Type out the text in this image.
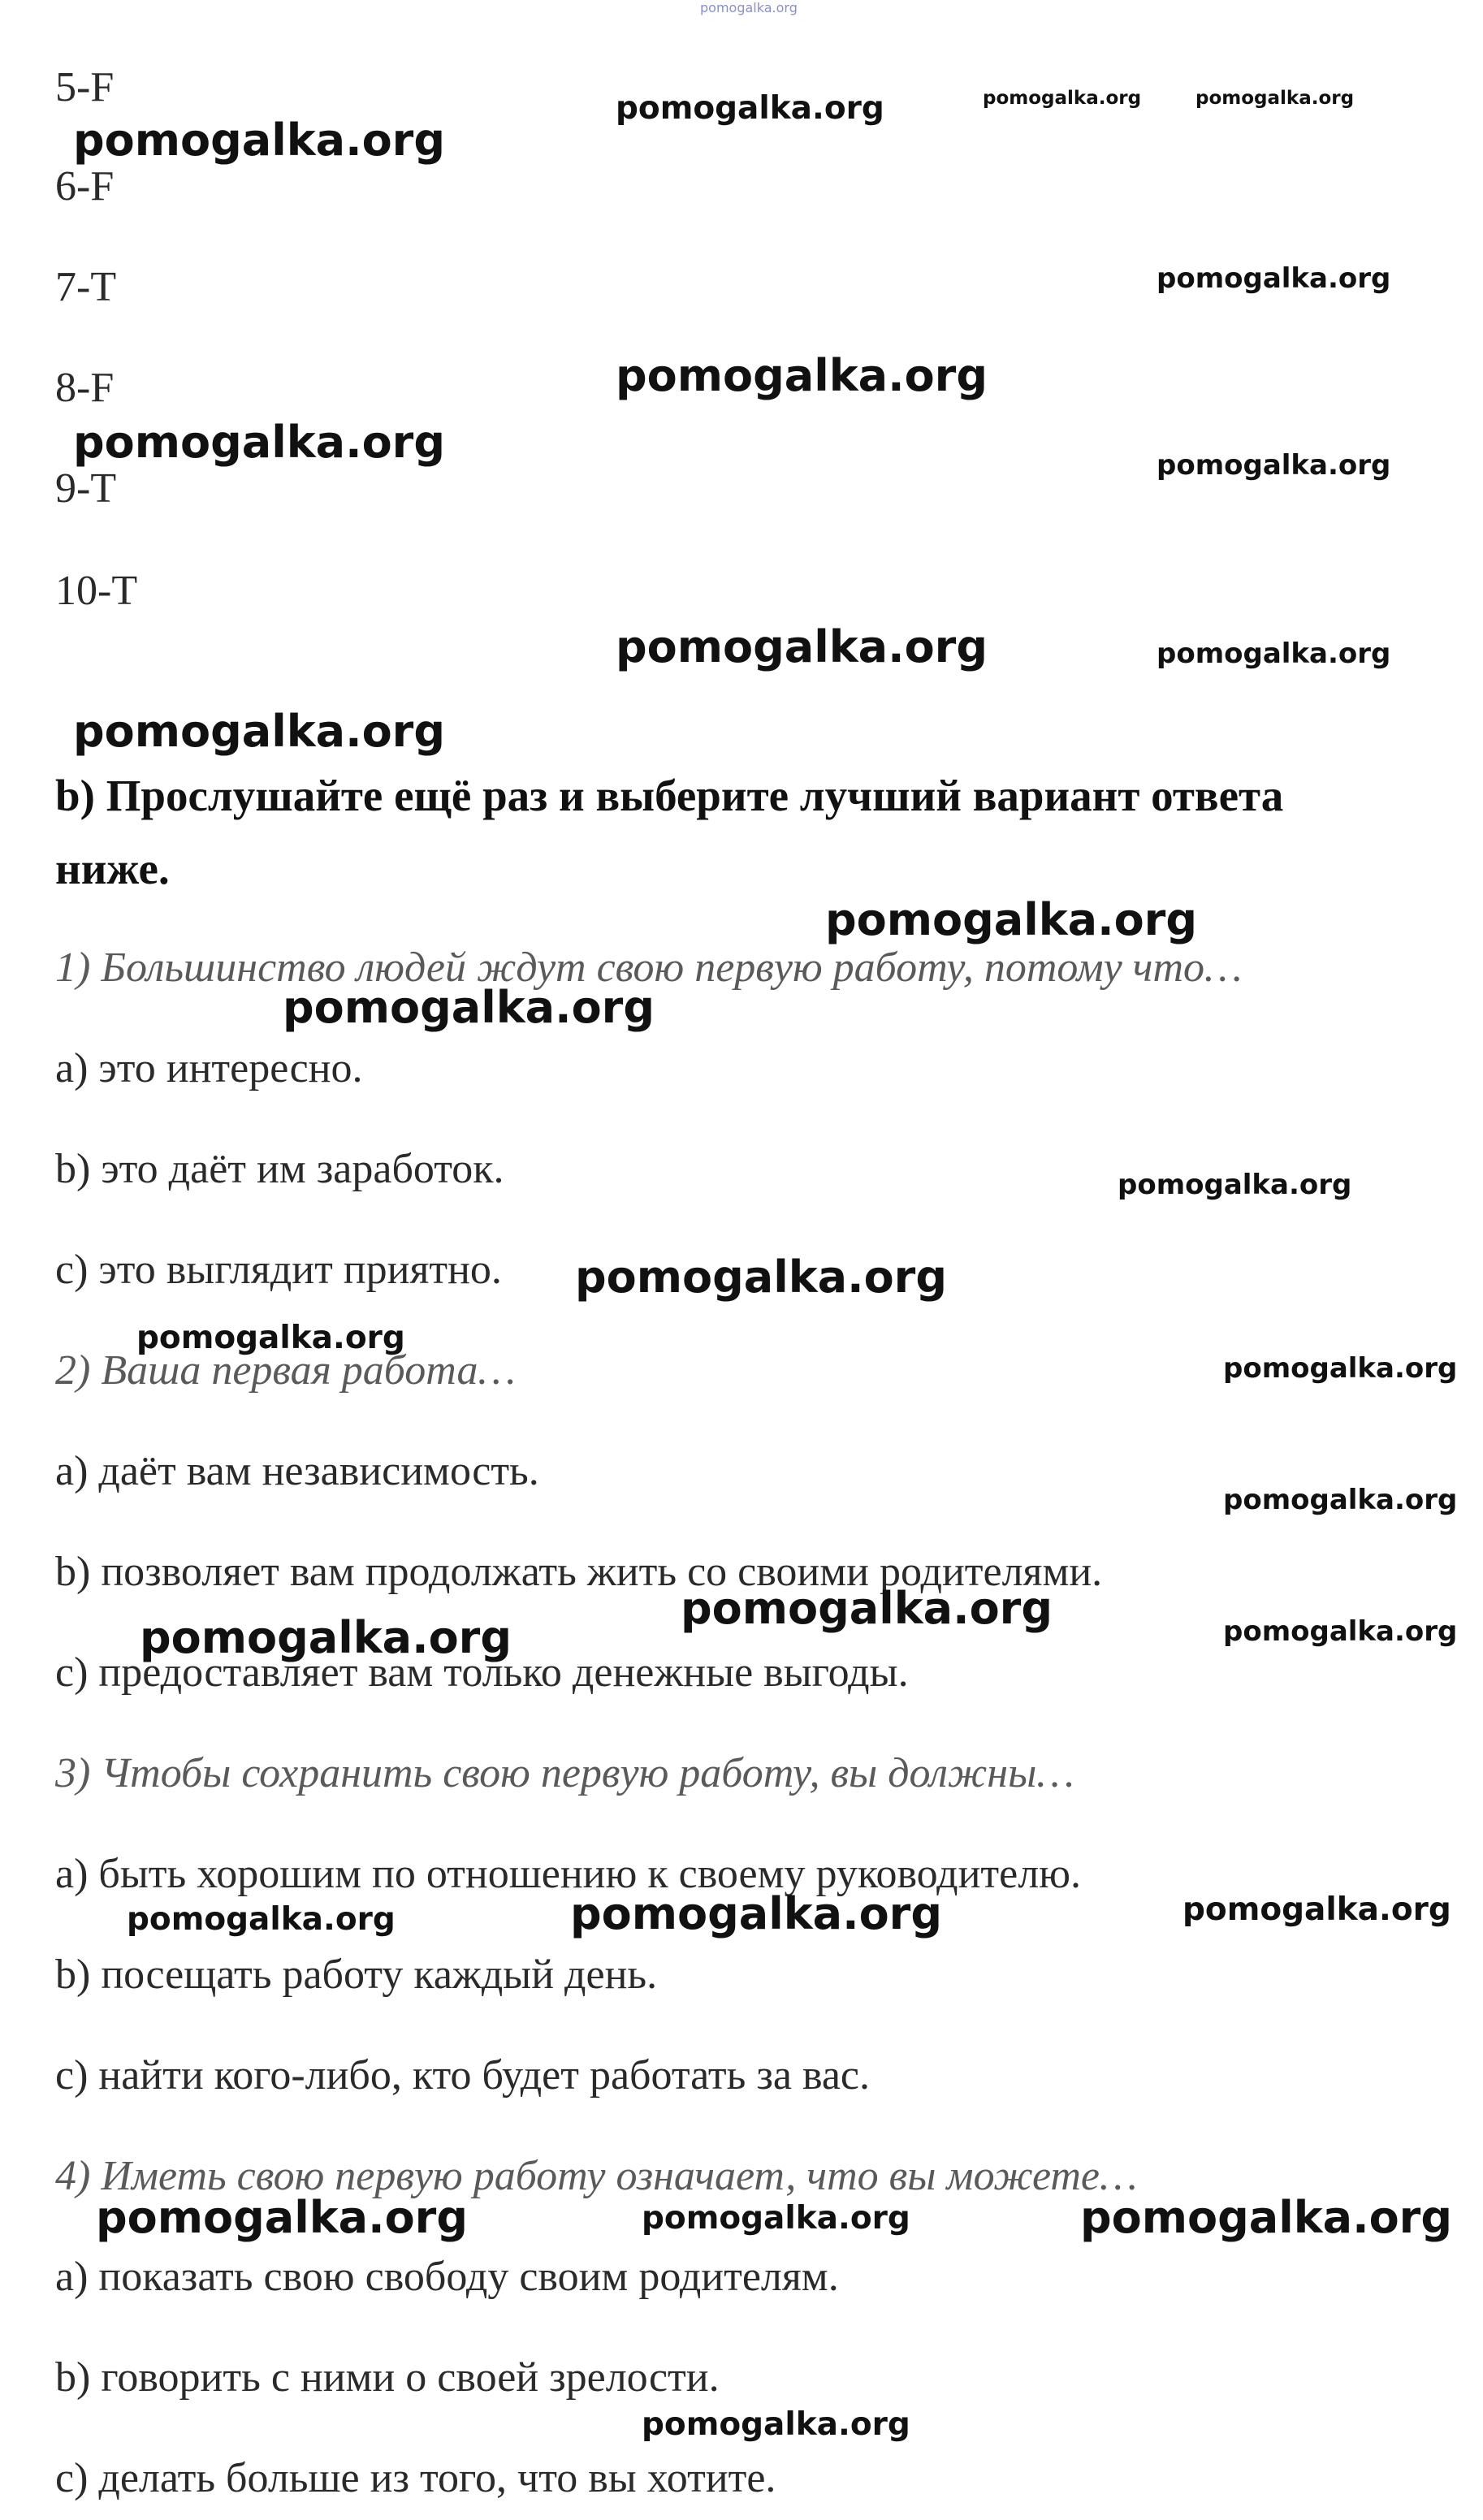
5-F
6-F
7-T
8-F
9-T
10-T
b) Прослушайте ещё раз и выберите лучший вариант ответа
ниже.
1) Большинство людей ждут свою первую работу, потому что…
a) это интересно.
b) это даёт им заработок.
c) это выглядит приятно.
2) Ваша первая работа…
a) даёт вам независимость.
b) позволяет вам продолжать жить со своими родителями.
c) предоставляет вам только денежные выгоды.
3) Чтобы сохранить свою первую работу, вы должны…
a) быть хорошим по отношению к своему руководителю.
b) посещать работу каждый день.
c) найти кого-либо, кто будет работать за вас.
4) Иметь свою первую работу означает, что вы можете…
a) показать свою свободу своим родителям.
b) говорить с ними о своей зрелости.
c) делать больше из того, что вы хотите.
pomogalka.org
pomogalka.org	pomogalka.org	pomogalka.org
pomogalka.org
pomogalka.org
pomogalka.org
pomogalka.org	pomogalka.org
pomogalka.org	pomogalka.org
pomogalka.org
pomogalka.org
pomogalka.org
pomogalka.org
pomogalka.org
pomogalka.org
pomogalka.org
pomogalka.org
pomogalka.org
pomogalka.org	pomogalka.org
pomogalka.org	pomogalka.org	pomogalka.org
pomogalka.org	pomogalka.org	pomogalka.org
pomogalka.org
